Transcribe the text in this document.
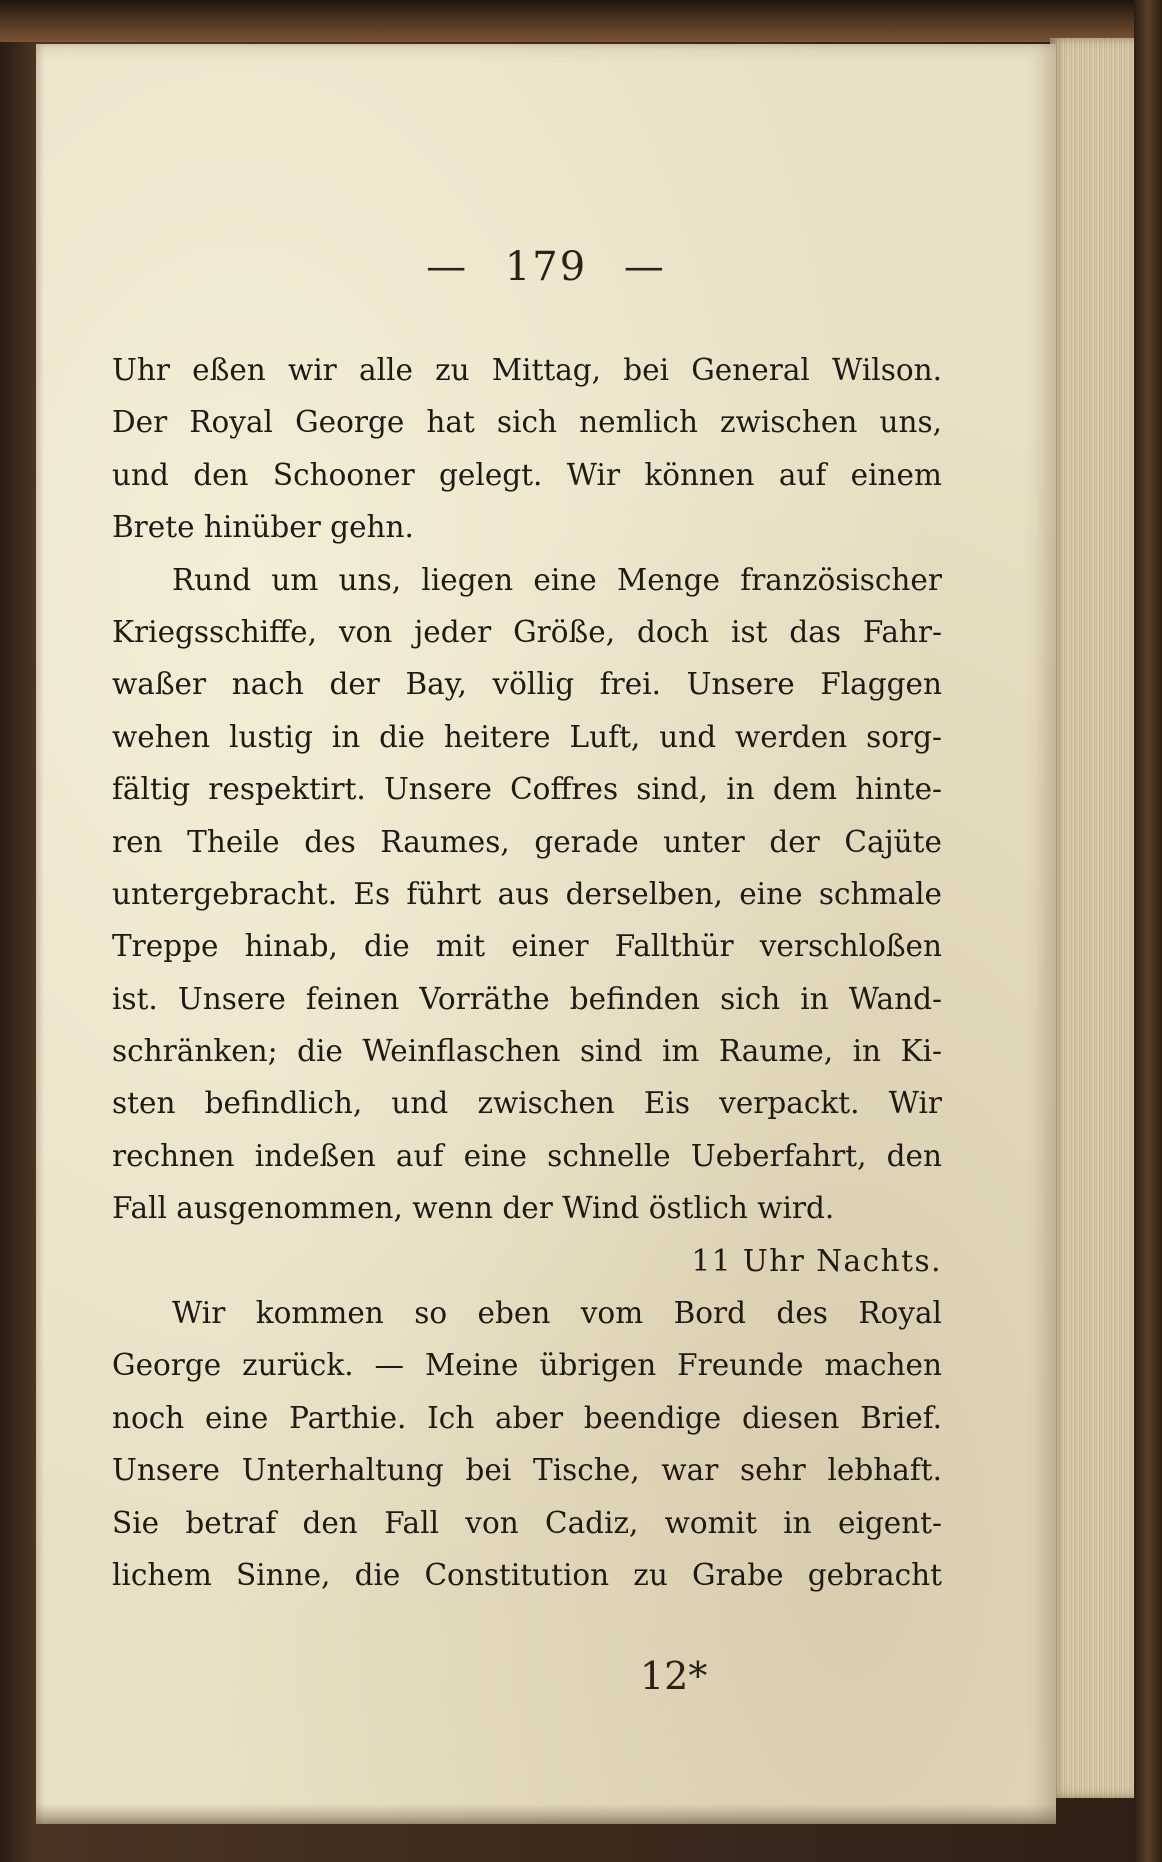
— 179 —
Uhr eßen wir alle zu Mittag, bei General Wilson.
Der Royal George hat sich nemlich zwischen uns,
und den Schooner gelegt. Wir können auf einem
Brete hinüber gehn.
Rund um uns, liegen eine Menge französischer
Kriegsschiffe, von jeder Größe, doch ist das Fahr-
waßer nach der Bay, völlig frei. Unsere Flaggen
wehen lustig in die heitere Luft, und werden sorg-
fältig respektirt. Unsere Coffres sind, in dem hinte-
ren Theile des Raumes, gerade unter der Cajüte
untergebracht. Es führt aus derselben, eine schmale
Treppe hinab, die mit einer Fallthür verschloßen
ist. Unsere feinen Vorräthe befinden sich in Wand-
schränken; die Weinflaschen sind im Raume, in Ki-
sten befindlich, und zwischen Eis verpackt. Wir
rechnen indeßen auf eine schnelle Ueberfahrt, den
Fall ausgenommen, wenn der Wind östlich wird.
11 Uhr Nachts.
Wir kommen so eben vom Bord des Royal
George zurück. — Meine übrigen Freunde machen
noch eine Parthie. Ich aber beendige diesen Brief.
Unsere Unterhaltung bei Tische, war sehr lebhaft.
Sie betraf den Fall von Cadiz, womit in eigent-
lichem Sinne, die Constitution zu Grabe gebracht
12*
